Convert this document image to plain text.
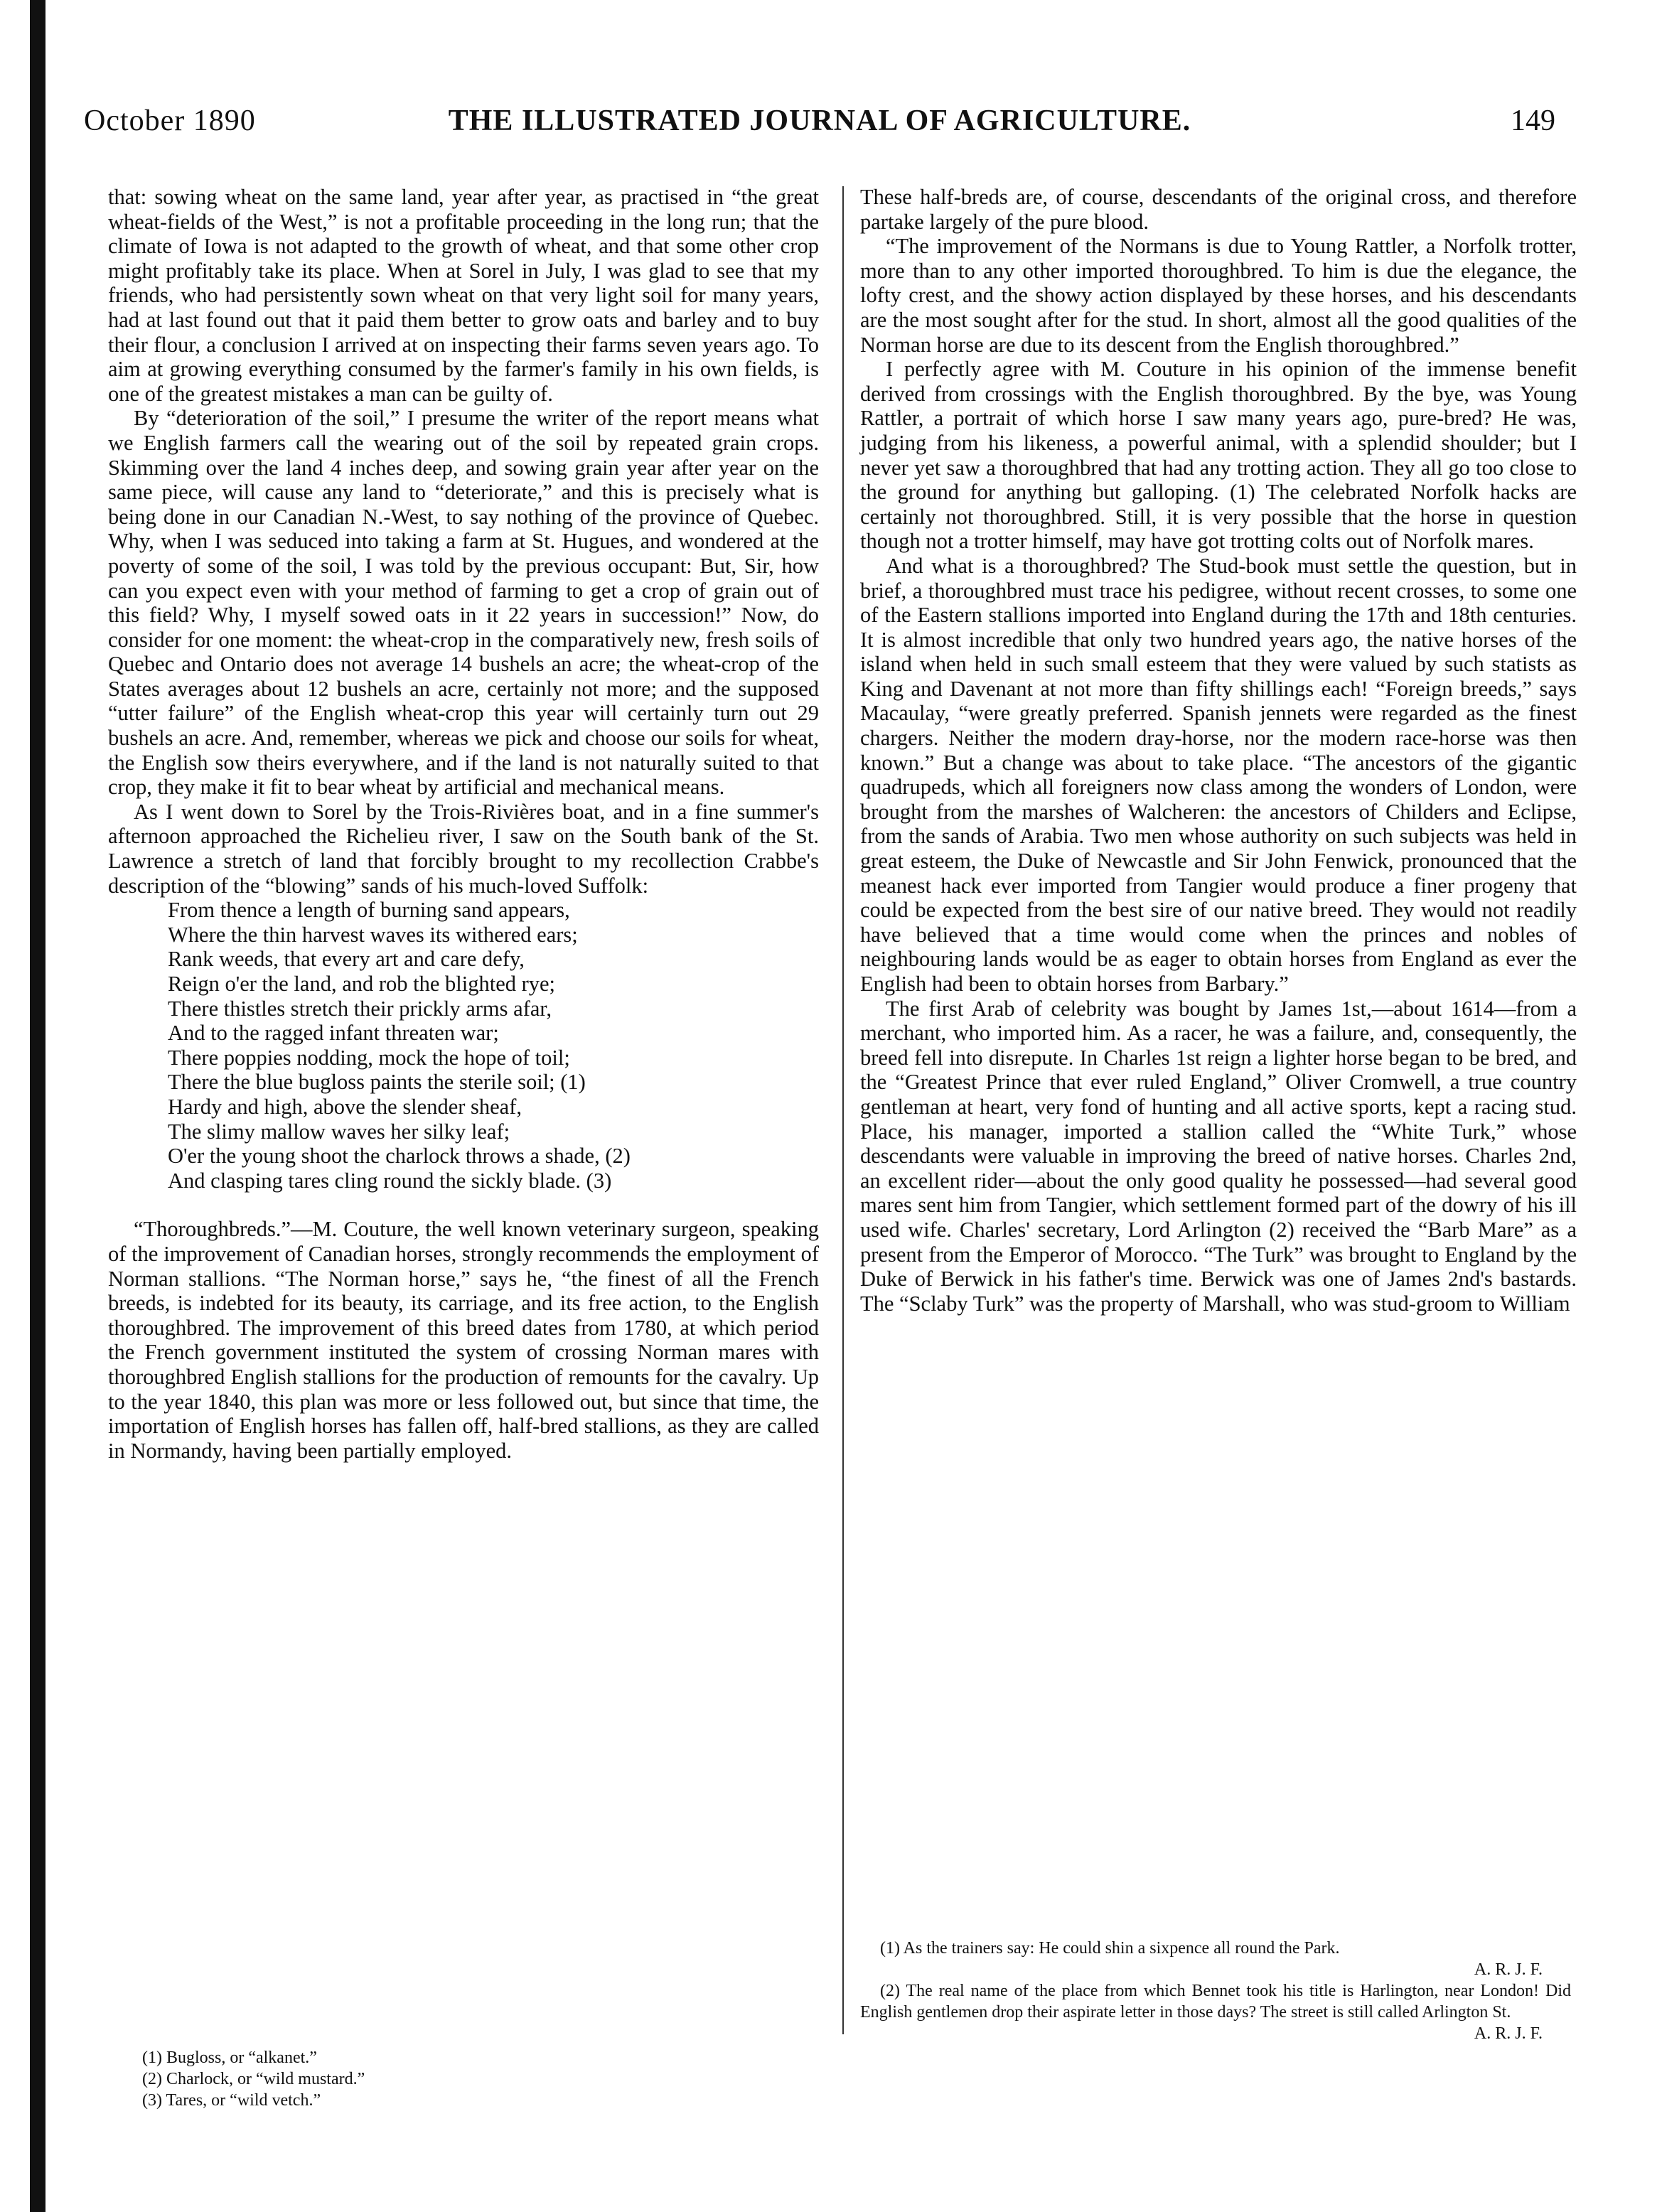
October 1890	THE ILLUSTRATED JOURNAL OF AGRICULTURE.	149

that: sowing wheat on the same land, year after year, as practised in “the great wheat-fields of the West,” is not a profitable proceeding in the long run; that the climate of Iowa is not adapted to the growth of wheat, and that some other crop might profitably take its place. When at Sorel in July, I was glad to see that my friends, who had persistently sown wheat on that very light soil for many years, had at last found out that it paid them better to grow oats and barley and to buy their flour, a conclusion I arrived at on inspecting their farms seven years ago. To aim at growing everything consumed by the farmer's family in his own fields, is one of the greatest mistakes a man can be guilty of.

By “deterioration of the soil,” I presume the writer of the report means what we English farmers call the wearing out of the soil by repeated grain crops. Skimming over the land 4 inches deep, and sowing grain year after year on the same piece, will cause any land to “deteriorate,” and this is precisely what is being done in our Canadian N.-West, to say nothing of the province of Quebec. Why, when I was seduced into taking a farm at St. Hugues, and wondered at the poverty of some of the soil, I was told by the previous occupant: But, Sir, how can you expect even with your method of farming to get a crop of grain out of this field? Why, I myself sowed oats in it 22 years in succession!” Now, do consider for one moment: the wheat-crop in the comparatively new, fresh soils of Quebec and Ontario does not average 14 bushels an acre; the wheat-crop of the States averages about 12 bushels an acre, certainly not more; and the supposed “utter failure” of the English wheat-crop this year will certainly turn out 29 bushels an acre. And, remember, whereas we pick and choose our soils for wheat, the English sow theirs everywhere, and if the land is not naturally suited to that crop, they make it fit to bear wheat by artificial and mechanical means.

As I went down to Sorel by the Trois-Rivières boat, and in a fine summer's afternoon approached the Richelieu river, I saw on the South bank of the St. Lawrence a stretch of land that forcibly brought to my recollection Crabbe's description of the “blowing” sands of his much-loved Suffolk:

From thence a length of burning sand appears,
Where the thin harvest waves its withered ears;
Rank weeds, that every art and care defy,
Reign o'er the land, and rob the blighted rye;
There thistles stretch their prickly arms afar,
And to the ragged infant threaten war;
There poppies nodding, mock the hope of toil;
There the blue bugloss paints the sterile soil; (1)
Hardy and high, above the slender sheaf,
The slimy mallow waves her silky leaf;
O'er the young shoot the charlock throws a shade, (2)
And clasping tares cling round the sickly blade. (3)

“Thoroughbreds.”—M. Couture, the well known veterinary surgeon, speaking of the improvement of Canadian horses, strongly recommends the employment of Norman stallions. “The Norman horse,” says he, “the finest of all the French breeds, is indebted for its beauty, its carriage, and its free action, to the English thoroughbred. The improvement of this breed dates from 1780, at which period the French government instituted the system of crossing Norman mares with thoroughbred English stallions for the production of remounts for the cavalry. Up to the year 1840, this plan was more or less followed out, but since that time, the importation of English horses has fallen off, half-bred stallions, as they are called in Normandy, having been partially employed.

These half-breds are, of course, descendants of the original cross, and therefore partake largely of the pure blood.

“The improvement of the Normans is due to Young Rattler, a Norfolk trotter, more than to any other imported thoroughbred. To him is due the elegance, the lofty crest, and the showy action displayed by these horses, and his descendants are the most sought after for the stud. In short, almost all the good qualities of the Norman horse are due to its descent from the English thoroughbred.”

I perfectly agree with M. Couture in his opinion of the immense benefit derived from crossings with the English thoroughbred. By the bye, was Young Rattler, a portrait of which horse I saw many years ago, pure-bred? He was, judging from his likeness, a powerful animal, with a splendid shoulder; but I never yet saw a thoroughbred that had any trotting action. They all go too close to the ground for anything but galloping. (1) The celebrated Norfolk hacks are certainly not thoroughbred. Still, it is very possible that the horse in question though not a trotter himself, may have got trotting colts out of Norfolk mares.

And what is a thoroughbred? The Stud-book must settle the question, but in brief, a thoroughbred must trace his pedigree, without recent crosses, to some one of the Eastern stallions imported into England during the 17th and 18th centuries. It is almost incredible that only two hundred years ago, the native horses of the island when held in such small esteem that they were valued by such statists as King and Davenant at not more than fifty shillings each! “Foreign breeds,” says Macaulay, “were greatly preferred. Spanish jennets were regarded as the finest chargers. Neither the modern dray-horse, nor the modern race-horse was then known.” But a change was about to take place. “The ancestors of the gigantic quadrupeds, which all foreigners now class among the wonders of London, were brought from the marshes of Walcheren: the ancestors of Childers and Eclipse, from the sands of Arabia. Two men whose authority on such subjects was held in great esteem, the Duke of Newcastle and Sir John Fenwick, pronounced that the meanest hack ever imported from Tangier would produce a finer progeny that could be expected from the best sire of our native breed. They would not readily have believed that a time would come when the princes and nobles of neighbouring lands would be as eager to obtain horses from England as ever the English had been to obtain horses from Barbary.”

The first Arab of celebrity was bought by James 1st,—about 1614—from a merchant, who imported him. As a racer, he was a failure, and, consequently, the breed fell into disrepute. In Charles 1st reign a lighter horse began to be bred, and the “Greatest Prince that ever ruled England,” Oliver Cromwell, a true country gentleman at heart, very fond of hunting and all active sports, kept a racing stud. Place, his manager, imported a stallion called the “White Turk,” whose descendants were valuable in improving the breed of native horses. Charles 2nd, an excellent rider—about the only good quality he possessed—had several good mares sent him from Tangier, which settlement formed part of the dowry of his ill used wife. Charles' secretary, Lord Arlington (2) received the “Barb Mare” as a present from the Emperor of Morocco. “The Turk” was brought to England by the Duke of Berwick in his father's time. Berwick was one of James 2nd's bastards. The “Sclaby Turk” was the property of Marshall, who was stud-groom to William

(1) Bugloss, or “alkanet.”
(2) Charlock, or “wild mustard.”
(3) Tares, or “wild vetch.”

(1) As the trainers say: He could shin a sixpence all round the Park.

A. R. J. F.

(2) The real name of the place from which Bennet took his title is Harlington, near London! Did English gentlemen drop their aspirate letter in those days? The street is still called Arlington St.

A. R. J. F.
